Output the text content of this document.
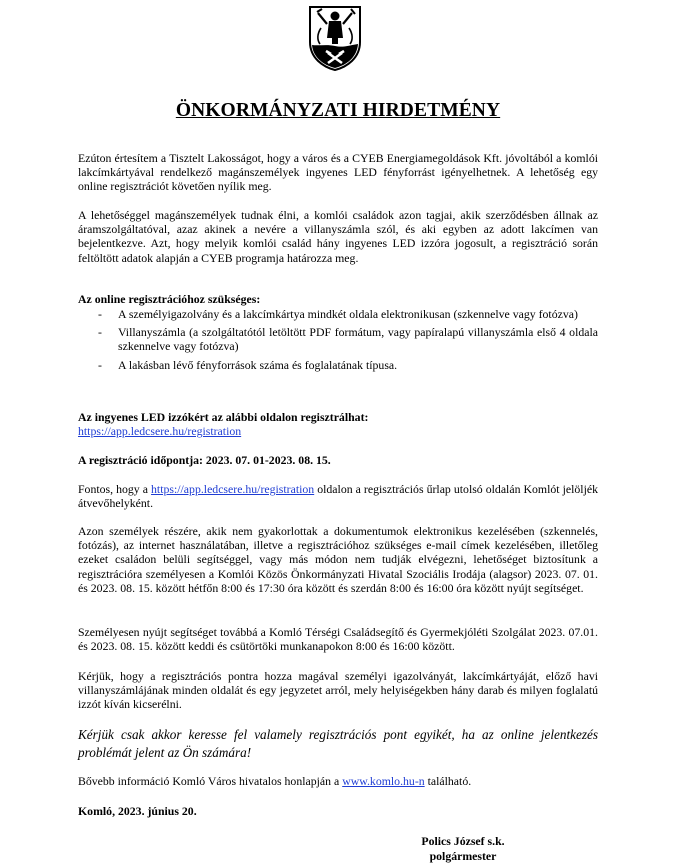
ÖNKORMÁNYZATI HIRDETMÉNY
Ezúton értesítem a Tisztelt Lakosságot, hogy a város és a CYEB Energiamegoldások Kft. jóvoltából a komlói lakcímkártyával rendelkező magánszemélyek ingyenes LED fényforrást igényelhetnek. A lehetőség egy online regisztrációt követően nyílik meg.
A lehetőséggel magánszemélyek tudnak élni, a komlói családok azon tagjai, akik szerződésben állnak az áramszolgáltatóval, azaz akinek a nevére a villanyszámla szól, és aki egyben az adott lakcímen van bejelentkezve. Azt, hogy melyik komlói család hány ingyenes LED izzóra jogosult, a regisztráció során feltöltött adatok alapján a CYEB programja határozza meg.
Az online regisztrációhoz szükséges:
- A személyigazolvány és a lakcímkártya mindkét oldala elektronikusan (szkennelve vagy fotózva)
- Villanyszámla (a szolgáltatótól letöltött PDF formátum, vagy papíralapú villanyszámla első 4 oldala szkennelve vagy fotózva)
- A lakásban lévő fényforrások száma és foglalatának típusa.
Az ingyenes LED izzókért az alábbi oldalon regisztrálhat:
https://app.ledcsere.hu/registration
A regisztráció időpontja: 2023. 07. 01-2023. 08. 15.
Fontos, hogy a https://app.ledcsere.hu/registration oldalon a regisztrációs űrlap utolsó oldalán Komlót jelöljék átvevőhelyként.
Azon személyek részére, akik nem gyakorlottak a dokumentumok elektronikus kezelésében (szkennelés, fotózás), az internet használatában, illetve a regisztrációhoz szükséges e-mail címek kezelésében, illetőleg ezeket családon belüli segítséggel, vagy más módon nem tudják elvégezni, lehetőséget biztosítunk a regisztrációra személyesen a Komlói Közös Önkormányzati Hivatal Szociális Irodája (alagsor) 2023. 07. 01. és 2023. 08. 15. között hétfőn 8:00 és 17:30 óra között és szerdán 8:00 és 16:00 óra között nyújt segítséget.
Személyesen nyújt segítséget továbbá a Komló Térségi Családsegítő és Gyermekjóléti Szolgálat 2023. 07.01. és 2023. 08. 15. között keddi és csütörtöki munkanapokon 8:00 és 16:00 között.
Kérjük, hogy a regisztrációs pontra hozza magával személyi igazolványát, lakcímkártyáját, előző havi villanyszámlájának minden oldalát és egy jegyzetet arról, mely helyiségekben hány darab és milyen foglalatú izzót kíván kicserélni.
Kérjük csak akkor keresse fel valamely regisztrációs pont egyikét, ha az online jelentkezés problémát jelent az Ön számára!
Bővebb információ Komló Város hivatalos honlapján a www.komlo.hu-n található.
Komló, 2023. június 20.
Polics József s.k.
polgármester
